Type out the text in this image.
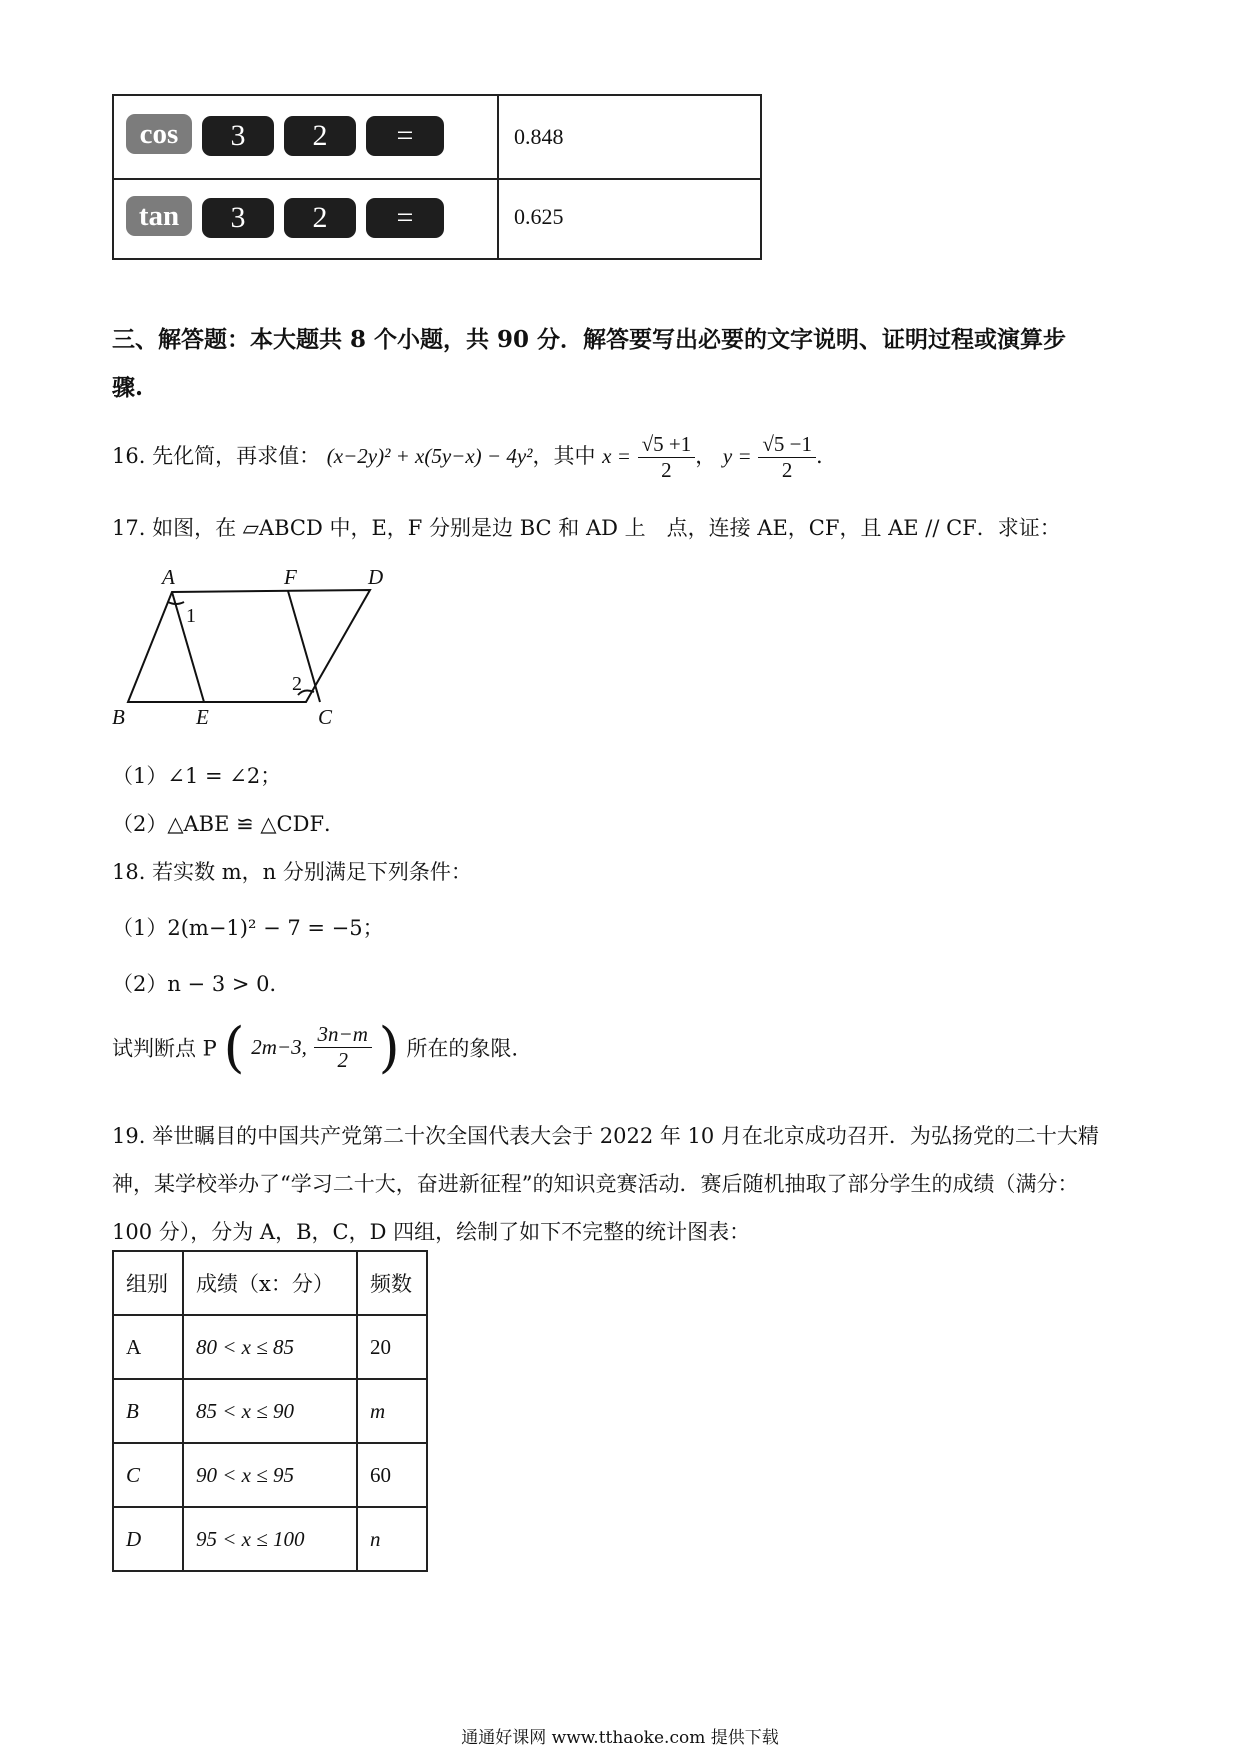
cos	3	2	=	0.848
tan	3	2	=	0.625
三、解答题：本大题共 8 个小题，共 90 分．解答要写出必要的文字说明、证明过程或演算步
骤.
16. 先化简，再求值： (x−2y)² + x(5y−x) − 4y²，其中 $x = \frac{√5 +1}{2}$ ， $y = \frac{√5 -1}{2}$ .
17. 如图，在 ▱ABCD 中，E，F 分别是边 BC 和 AD 上　点，连接 AE，CF，且 AE // CF．求证：
A	F	D
B	E	C
1
2
（1）∠1 = ∠2；
（2）△ABE ≌ △CDF．
18. 若实数 m，n 分别满足下列条件：
（1）2(m−1)² − 7 = −5；
（2）n − 3 > 0．
试判断点 P ( 2m−3, $\frac{3n-m}{2}$ ) 所在的象限.
19. 举世瞩目的中国共产党第二十次全国代表大会于 2022 年 10 月在北京成功召开．为弘扬党的二十大精
神，某学校举办了“学习二十大，奋进新征程”的知识竞赛活动．赛后随机抽取了部分学生的成绩（满分：
100 分），分为 A，B，C，D 四组，绘制了如下不完整的统计图表：
组别	成绩（x：分）	频数
A	80 < x ≤ 85	20
B	85 < x ≤ 90	m
C	90 < x ≤ 95	60
D	95 < x ≤ 100	n
通通好课网 www.tthaoke.com 提供下载
